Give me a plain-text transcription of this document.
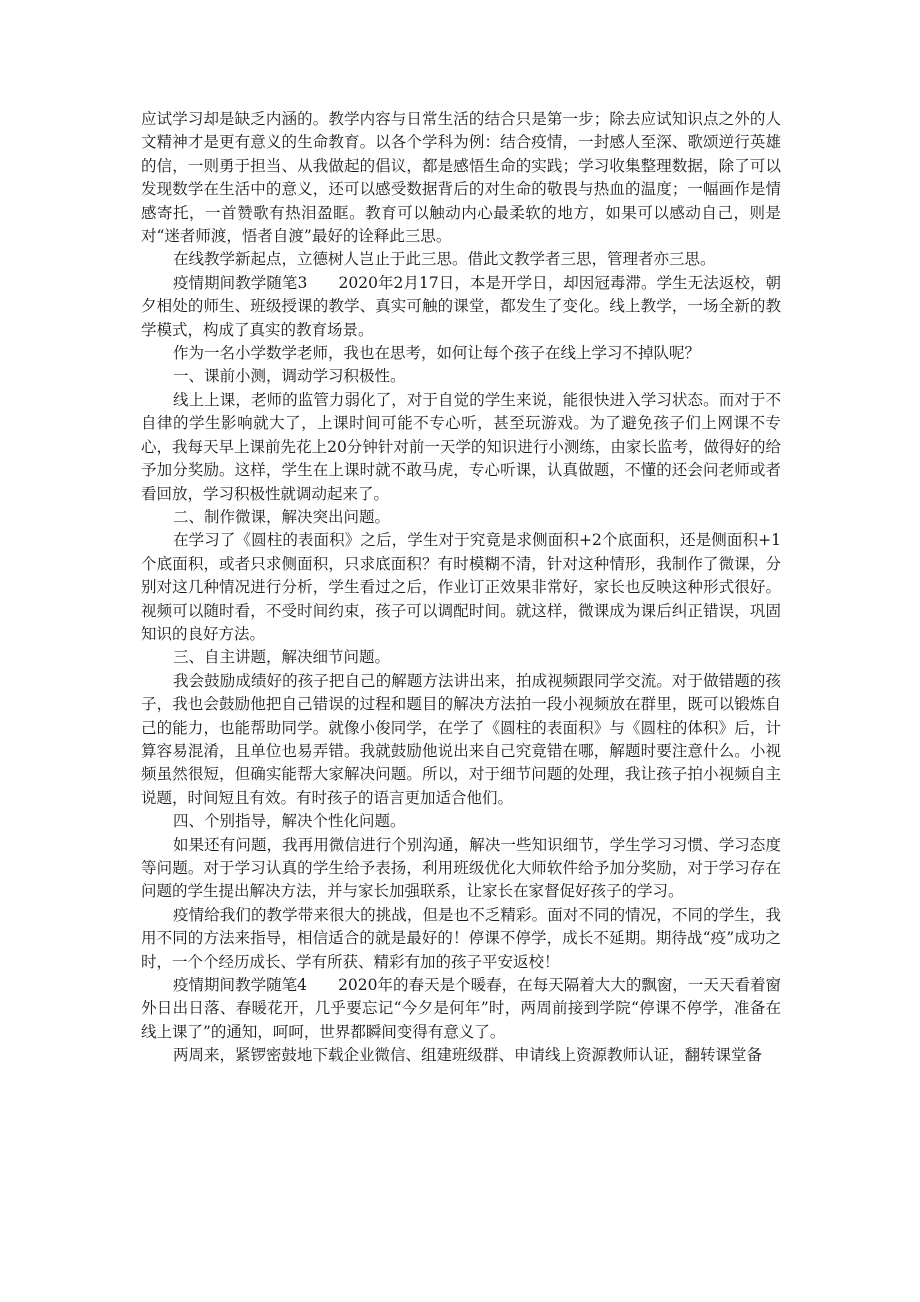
应试学习却是缺乏内涵的。教学内容与日常生活的结合只是第一步；除去应试知识点之外的人文精神才是更有意义的生命教育。以各个学科为例：结合疫情，一封感人至深、歌颂逆行英雄的信，一则勇于担当、从我做起的倡议，都是感悟生命的实践；学习收集整理数据，除了可以发现数学在生活中的意义，还可以感受数据背后的对生命的敬畏与热血的温度；一幅画作是情感寄托，一首赞歌有热泪盈眶。教育可以触动内心最柔软的地方，如果可以感动自己，则是对“迷者师渡，悟者自渡”最好的诠释此三思。

在线教学新起点，立德树人岂止于此三思。借此文教学者三思，管理者亦三思。

疫情期间教学随笔3　　2020年2月17日，本是开学日，却因冠毒滞。学生无法返校，朝夕相处的师生、班级授课的教学、真实可触的课堂，都发生了变化。线上教学，一场全新的教学模式，构成了真实的教育场景。

作为一名小学数学老师，我也在思考，如何让每个孩子在线上学习不掉队呢？

一、课前小测，调动学习积极性。

线上上课，老师的监管力弱化了，对于自觉的学生来说，能很快进入学习状态。而对于不自律的学生影响就大了，上课时间可能不专心听，甚至玩游戏。为了避免孩子们上网课不专心，我每天早上课前先花上20分钟针对前一天学的知识进行小测练，由家长监考，做得好的给予加分奖励。这样，学生在上课时就不敢马虎，专心听课，认真做题，不懂的还会问老师或者看回放，学习积极性就调动起来了。

二、制作微课，解决突出问题。

在学习了《圆柱的表面积》之后，学生对于究竟是求侧面积+2个底面积，还是侧面积+1个底面积，或者只求侧面积，只求底面积？有时模糊不清，针对这种情形，我制作了微课，分别对这几种情况进行分析，学生看过之后，作业订正效果非常好，家长也反映这种形式很好。视频可以随时看，不受时间约束，孩子可以调配时间。就这样，微课成为课后纠正错误，巩固知识的良好方法。

三、自主讲题，解决细节问题。

我会鼓励成绩好的孩子把自己的解题方法讲出来，拍成视频跟同学交流。对于做错题的孩子，我也会鼓励他把自己错误的过程和题目的解决方法拍一段小视频放在群里，既可以锻炼自己的能力，也能帮助同学。就像小俊同学，在学了《圆柱的表面积》与《圆柱的体积》后，计算容易混淆，且单位也易弄错。我就鼓励他说出来自己究竟错在哪，解题时要注意什么。小视频虽然很短，但确实能帮大家解决问题。所以，对于细节问题的处理，我让孩子拍小视频自主说题，时间短且有效。有时孩子的语言更加适合他们。

四、个别指导，解决个性化问题。

如果还有问题，我再用微信进行个别沟通，解决一些知识细节，学生学习习惯、学习态度等问题。对于学习认真的学生给予表扬，利用班级优化大师软件给予加分奖励，对于学习存在问题的学生提出解决方法，并与家长加强联系，让家长在家督促好孩子的学习。

疫情给我们的教学带来很大的挑战，但是也不乏精彩。面对不同的情况，不同的学生，我用不同的方法来指导，相信适合的就是最好的！停课不停学，成长不延期。期待战“疫”成功之时，一个个经历成长、学有所获、精彩有加的孩子平安返校！

疫情期间教学随笔4　　2020年的春天是个暖春，在每天隔着大大的飘窗，一天天看着窗外日出日落、春暖花开，几乎要忘记“今夕是何年”时，两周前接到学院“停课不停学，准备在线上课了”的通知，呵呵，世界都瞬间变得有意义了。

两周来，紧锣密鼓地下载企业微信、组建班级群、申请线上资源教师认证，翻转课堂备
